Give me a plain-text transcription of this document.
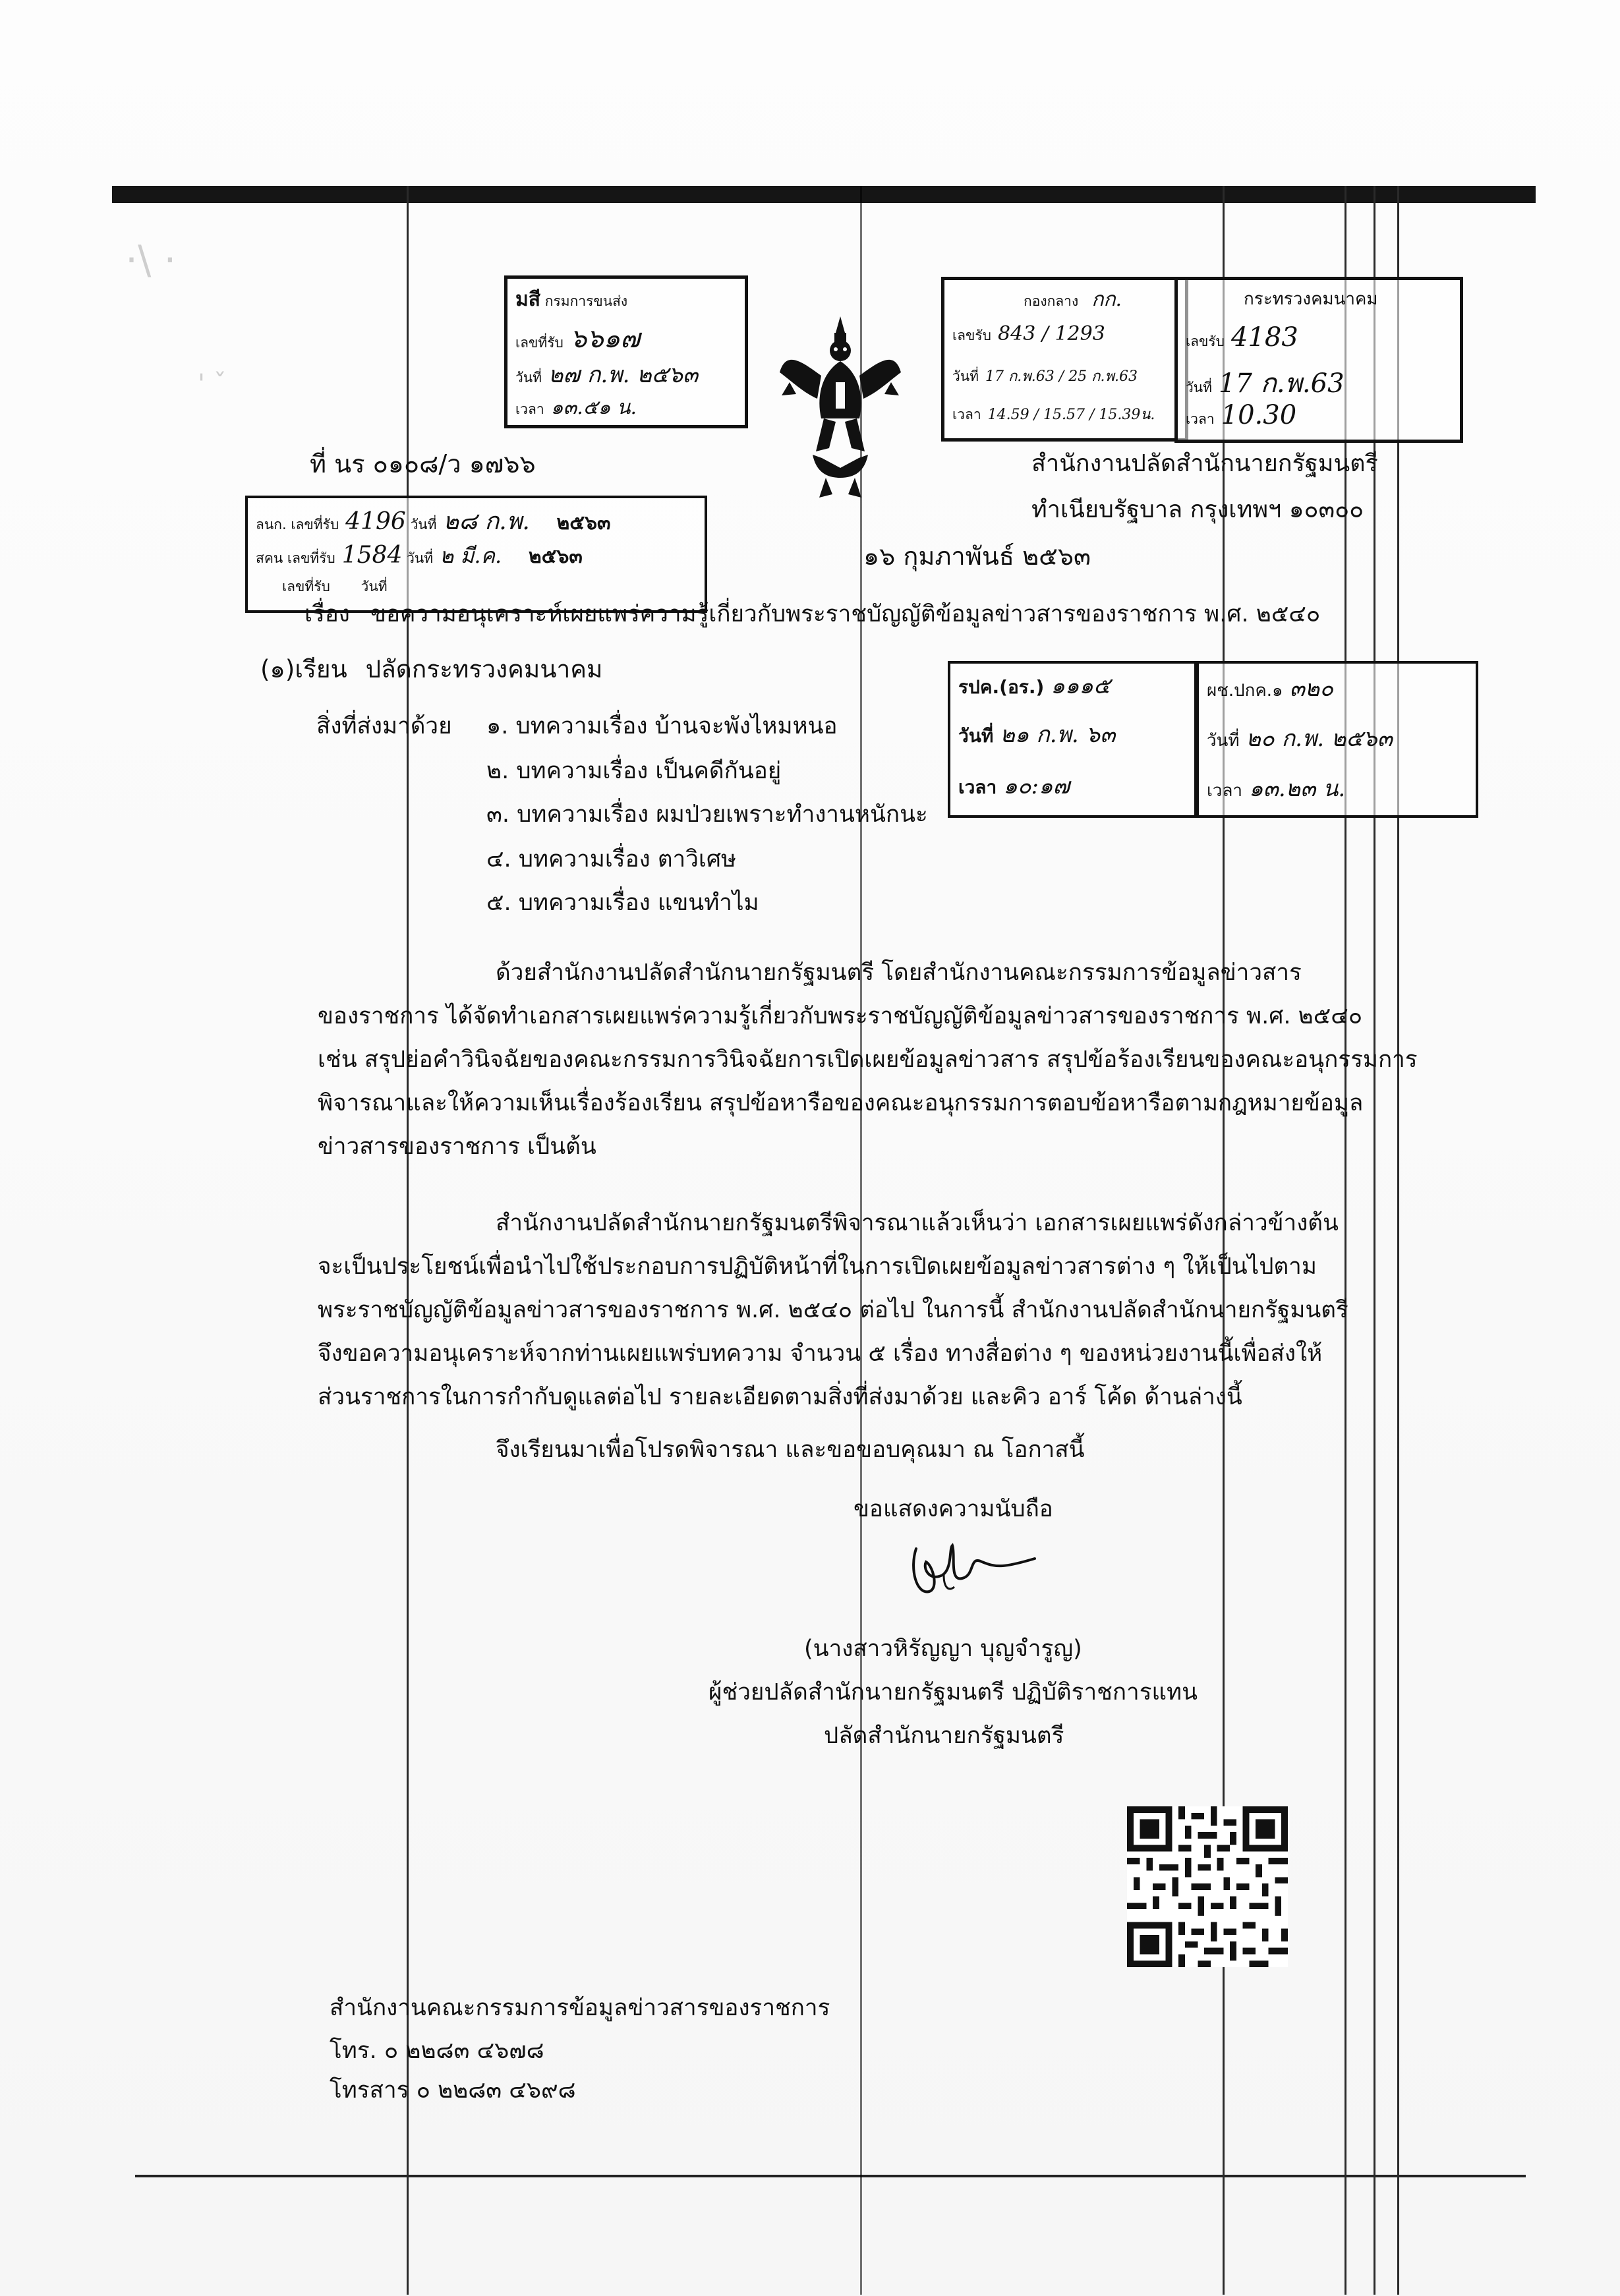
·\ ·
' ˇ
มสี กรมการขนส่ง
เลขที่รับ ๖๖๑๗
วันที่ ๒๗ ก.พ. ๒๕๖๓
เวลา ๑๓.๕๑ น.
กองกลาง กก.
เลขรับ 843 / 1293
วันที่ 17 ก.พ.63 / 25 ก.พ.63
เวลา 14.59 / 15.57 / 15.39น.
กระทรวงคมนาคม
เลขรับ 4183
วันที่ 17 ก.พ.63
เวลา 10.30
ที่ นร ๐๑๐๘/ว ๑๗๖๖	สำนักงานปลัดสำนักนายกรัฐมนตรี
ทำเนียบรัฐบาล กรุงเทพฯ ๑๐๓๐๐
ลนก. เลขที่รับ 4196 วันที่ ๒๘ ก.พ. ๒๕๖๓
สคน เลขที่รับ 1584 วันที่ ๒ มี.ค. ๒๕๖๓
เลขที่รับ วันที่
๑๖ กุมภาพันธ์ ๒๕๖๓
เรื่อง ขอความอนุเคราะห์เผยแพร่ความรู้เกี่ยวกับพระราชบัญญัติข้อมูลข่าวสารของราชการ พ.ศ. ๒๕๔๐
(๑)เรียน ปลัดกระทรวงคมนาคม
รปค.(อร.) ๑๑๑๕
วันที่ ๒๑ ก.พ. ๖๓
เวลา ๑๐:๑๗
ผช.ปกค.๑ ๓๒๐
วันที่ ๒๐ ก.พ. ๒๕๖๓
เวลา ๑๓.๒๓ น.
สิ่งที่ส่งมาด้วย ๑. บทความเรื่อง บ้านจะพังไหมหนอ
๒. บทความเรื่อง เป็นคดีกันอยู่
๓. บทความเรื่อง ผมป่วยเพราะทำงานหนักนะ
๔. บทความเรื่อง ตาวิเศษ
๕. บทความเรื่อง แขนทำไม
ด้วยสำนักงานปลัดสำนักนายกรัฐมนตรี โดยสำนักงานคณะกรรมการข้อมูลข่าวสาร
ของราชการ ได้จัดทำเอกสารเผยแพร่ความรู้เกี่ยวกับพระราชบัญญัติข้อมูลข่าวสารของราชการ พ.ศ. ๒๕๔๐
เช่น สรุปย่อคำวินิจฉัยของคณะกรรมการวินิจฉัยการเปิดเผยข้อมูลข่าวสาร สรุปข้อร้องเรียนของคณะอนุกรรมการ
พิจารณาและให้ความเห็นเรื่องร้องเรียน สรุปข้อหารือของคณะอนุกรรมการตอบข้อหารือตามกฎหมายข้อมูล
ข่าวสารของราชการ เป็นต้น
สำนักงานปลัดสำนักนายกรัฐมนตรีพิจารณาแล้วเห็นว่า เอกสารเผยแพร่ดังกล่าวข้างต้น
จะเป็นประโยชน์เพื่อนำไปใช้ประกอบการปฏิบัติหน้าที่ในการเปิดเผยข้อมูลข่าวสารต่าง ๆ ให้เป็นไปตาม
พระราชบัญญัติข้อมูลข่าวสารของราชการ พ.ศ. ๒๕๔๐ ต่อไป ในการนี้ สำนักงานปลัดสำนักนายกรัฐมนตรี
จึงขอความอนุเคราะห์จากท่านเผยแพร่บทความ จำนวน ๕ เรื่อง ทางสื่อต่าง ๆ ของหน่วยงานนี้เพื่อส่งให้
ส่วนราชการในการกำกับดูแลต่อไป รายละเอียดตามสิ่งที่ส่งมาด้วย และคิว อาร์ โค้ด ด้านล่างนี้
จึงเรียนมาเพื่อโปรดพิจารณา และขอขอบคุณมา ณ โอกาสนี้
ขอแสดงความนับถือ
(นางสาวหิรัญญา บุญจำรูญ)
ผู้ช่วยปลัดสำนักนายกรัฐมนตรี ปฏิบัติราชการแทน
ปลัดสำนักนายกรัฐมนตรี
สำนักงานคณะกรรมการข้อมูลข่าวสารของราชการ
โทร. ๐ ๒๒๘๓ ๔๖๗๘
โทรสาร ๐ ๒๒๘๓ ๔๖๙๘
